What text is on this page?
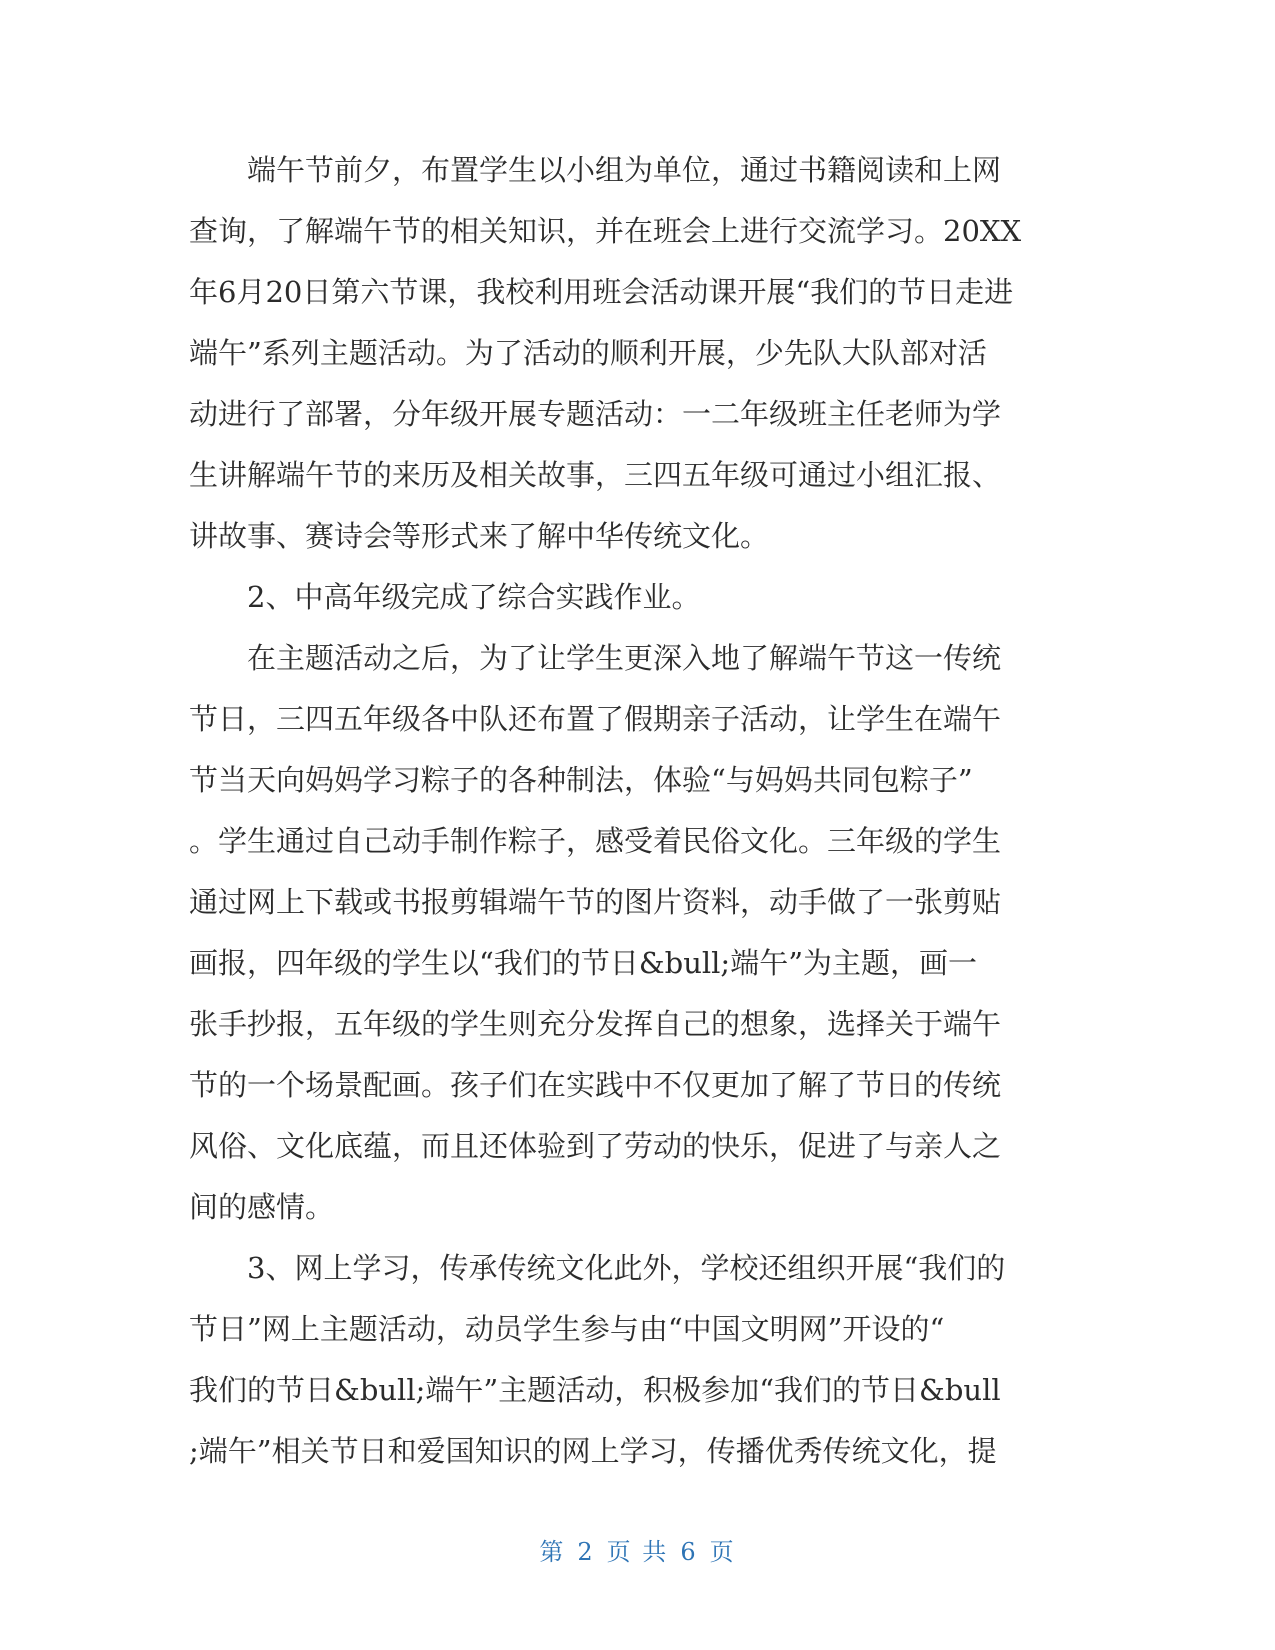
端午节前夕，布置学生以小组为单位，通过书籍阅读和上网
查询，了解端午节的相关知识，并在班会上进行交流学习。20XX
年6月20日第六节课，我校利用班会活动课开展“我们的节日走进
端午”系列主题活动。为了活动的顺利开展，少先队大队部对活
动进行了部署，分年级开展专题活动：一二年级班主任老师为学
生讲解端午节的来历及相关故事，三四五年级可通过小组汇报、
讲故事、赛诗会等形式来了解中华传统文化。
2、中高年级完成了综合实践作业。
在主题活动之后，为了让学生更深入地了解端午节这一传统
节日，三四五年级各中队还布置了假期亲子活动，让学生在端午
节当天向妈妈学习粽子的各种制法，体验“与妈妈共同包粽子”
。学生通过自己动手制作粽子，感受着民俗文化。三年级的学生
通过网上下载或书报剪辑端午节的图片资料，动手做了一张剪贴
画报，四年级的学生以“我们的节日&bull;端午”为主题，画一
张手抄报，五年级的学生则充分发挥自己的想象，选择关于端午
节的一个场景配画。孩子们在实践中不仅更加了解了节日的传统
风俗、文化底蕴，而且还体验到了劳动的快乐，促进了与亲人之
间的感情。
3、网上学习，传承传统文化此外，学校还组织开展“我们的
节日”网上主题活动，动员学生参与由“中国文明网”开设的“
我们的节日&bull;端午”主题活动，积极参加“我们的节日&bull
;端午”相关节日和爱国知识的网上学习，传播优秀传统文化，提
第 2 页 共 6 页
